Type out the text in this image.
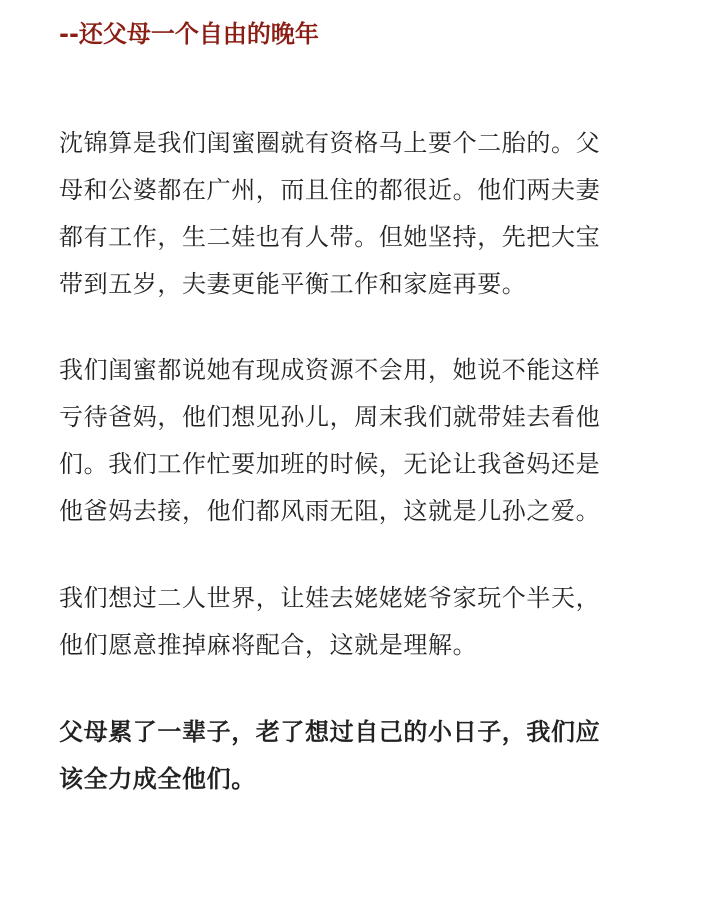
--还父母一个自由的晚年

沈锦算是我们闺蜜圈就有资格马上要个二胎的。父
母和公婆都在广州，而且住的都很近。他们两夫妻
都有工作，生二娃也有人带。但她坚持，先把大宝
带到五岁，夫妻更能平衡工作和家庭再要。

我们闺蜜都说她有现成资源不会用，她说不能这样
亏待爸妈，他们想见孙儿，周末我们就带娃去看他
们。我们工作忙要加班的时候，无论让我爸妈还是
他爸妈去接，他们都风雨无阻，这就是儿孙之爱。

我们想过二人世界，让娃去姥姥姥爷家玩个半天，
他们愿意推掉麻将配合，这就是理解。

父母累了一辈子，老了想过自己的小日子，我们应
该全力成全他们。
